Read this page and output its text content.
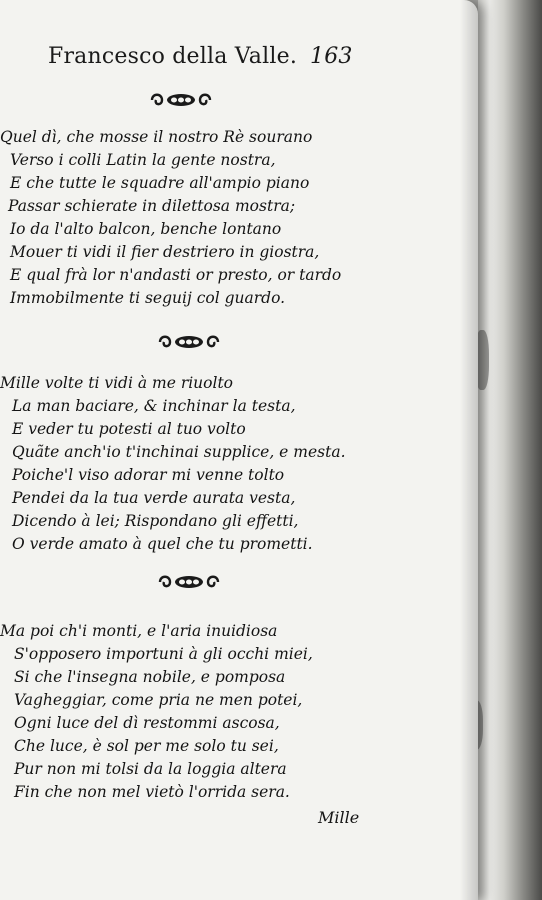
Francesco della Valle. 163
Quel dì, che mosse il nostro Rè sourano
Verso i colli Latin la gente nostra,
E che tutte le squadre all'ampio piano
Passar schierate in dilettosa mostra;
Io da l'alto balcon, benche lontano
Mouer ti vidi il fier destriero in giostra,
E qual frà lor n'andasti or presto, or tardo
Immobilmente ti seguij col guardo.
Mille volte ti vidi à me riuolto
La man baciare, & inchinar la testa,
E veder tu potesti al tuo volto
Quãte anch'io t'inchinai supplice, e mesta.
Poiche'l viso adorar mi venne tolto
Pendei da la tua verde aurata vesta,
Dicendo à lei; Rispondano gli effetti,
O verde amato à quel che tu prometti.
Ma poi ch'i monti, e l'aria inuidiosa
S'opposero importuni à gli occhi miei,
Si che l'insegna nobile, e pomposa
Vagheggiar, come pria ne men potei,
Ogni luce del dì restommi ascosa,
Che luce, è sol per me solo tu sei,
Pur non mi tolsi da la loggia altera
Fin che non mel vietò l'orrida sera.
Mille
